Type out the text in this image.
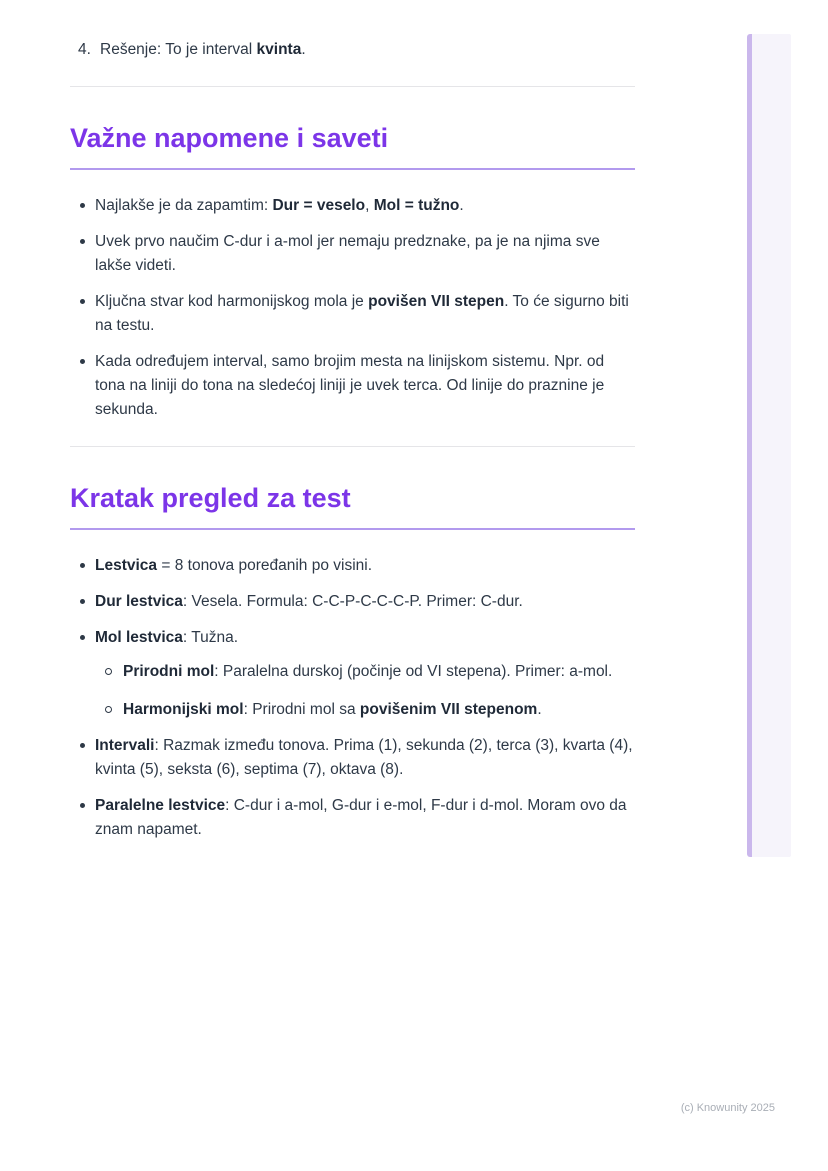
4. Rešenje: To je interval kvinta.
Važne napomene i saveti
Najlakše je da zapamtim: Dur = veselo, Mol = tužno.
Uvek prvo naučim C-dur i a-mol jer nemaju predznake, pa je na njima sve lakše videti.
Ključna stvar kod harmonijskog mola je povišen VII stepen. To će sigurno biti na testu.
Kada određujem interval, samo brojim mesta na linijskom sistemu. Npr. od tona na liniji do tona na sledećoj liniji je uvek terca. Od linije do praznine je sekunda.
Kratak pregled za test
Lestvica = 8 tonova poređanih po visini.
Dur lestvica: Vesela. Formula: C-C-P-C-C-C-P. Primer: C-dur.
Mol lestvica: Tužna.
Prirodni mol: Paralelna durskoj (počinje od VI stepena). Primer: a-mol.
Harmonijski mol: Prirodni mol sa povišenim VII stepenom.
Intervali: Razmak između tonova. Prima (1), sekunda (2), terca (3), kvarta (4), kvinta (5), seksta (6), septima (7), oktava (8).
Paralelne lestvice: C-dur i a-mol, G-dur i e-mol, F-dur i d-mol. Moram ovo da znam napamet.
(c) Knowunity 2025
